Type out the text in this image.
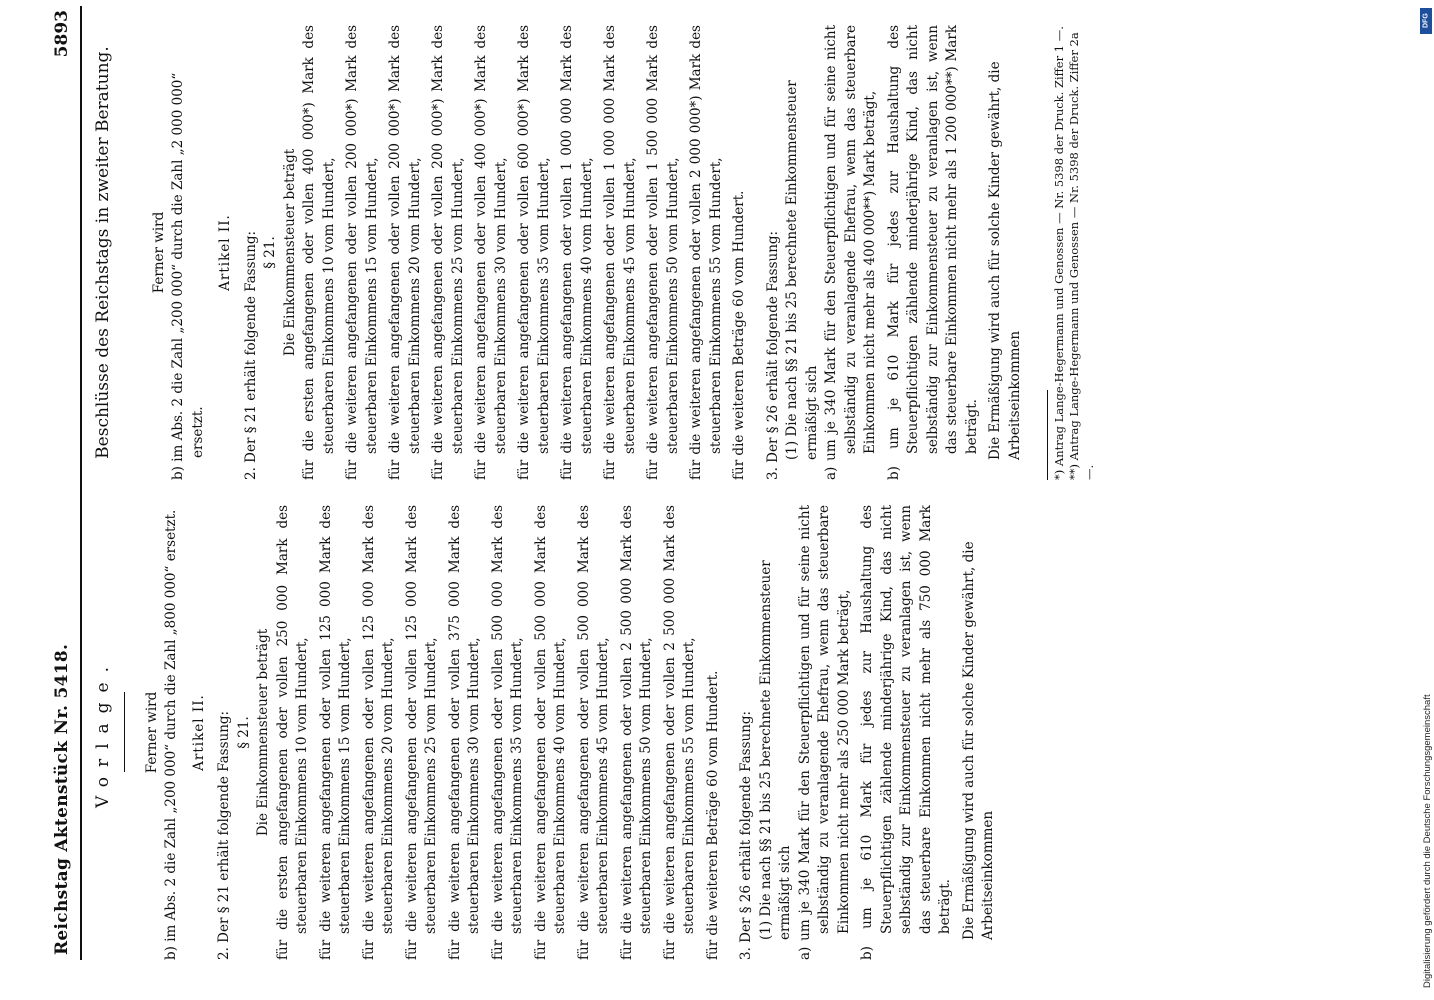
Reichstag Aktenstück Nr. 5418.
5893
Vorlage. Ferner wird b) im Abs. 2 die Zahl „200 000“ durch die Zahl „800 000“ ersetzt. Artikel II. 2. Der § 21 erhält folgende Fassung: § 21. Die Einkommensteuer beträgt für die ersten angefangenen oder vollen 250 000 Mark des steuerbaren Einkommens 10 vom Hundert, für die weiteren angefangenen oder vollen 125 000 Mark des steuerbaren Einkommens 15 vom Hundert, für die weiteren angefangenen oder vollen 125 000 Mark des steuerbaren Einkommens 20 vom Hundert, für die weiteren angefangenen oder vollen 125 000 Mark des steuerbaren Einkommens 25 vom Hundert, für die weiteren angefangenen oder vollen 375 000 Mark des steuerbaren Einkommens 30 vom Hundert, für die weiteren angefangenen oder vollen 500 000 Mark des steuerbaren Einkommens 35 vom Hundert, für die weiteren angefangenen oder vollen 500 000 Mark des steuerbaren Einkommens 40 vom Hundert, für die weiteren angefangenen oder vollen 500 000 Mark des steuerbaren Einkommens 45 vom Hundert, für die weiteren angefangenen oder vollen 2 500 000 Mark des steuerbaren Einkommens 50 vom Hundert, für die weiteren angefangenen oder vollen 2 500 000 Mark des steuerbaren Einkommens 55 vom Hundert, für die weiteren Beträge 60 vom Hundert. 3. Der § 26 erhält folgende Fassung: (1) Die nach §§ 21 bis 25 berechnete Einkommensteuer ermäßigt sich a) um je 340 Mark für den Steuerpflichtigen und für seine nicht selbständig zu veranlagende Ehefrau, wenn das steuerbare Einkommen nicht mehr als 250 000 Mark beträgt, b) um je 610 Mark für jedes zur Haushaltung des Steuerpflichtigen zählende minderjährige Kind, das nicht selbständig zur Einkommensteuer zu veranlagen ist, wenn das steuerbare Einkommen nicht mehr als 750 000 Mark beträgt. Die Ermäßigung wird auch für solche Kinder gewährt, die Arbeitseinkommen

Beschlüsse des Reichstags in zweiter Beratung.	Ferner wird b) im Abs. 2 die Zahl „200 000“ durch die Zahl „2 000 000“ ersetzt.

Artikel II. 2. Der § 21 erhält folgende Fassung: § 21. Die Einkommensteuer beträgt für die ersten angefangenen oder vollen 400 000*) Mark des steuerbaren Einkommens 10 vom Hundert, für die weiteren angefangenen oder vollen 200 000*) Mark des steuerbaren Einkommens 15 vom Hundert, für die weiteren angefangenen oder vollen 200 000*) Mark des steuerbaren Einkommens 20 vom Hundert, für die weiteren angefangenen oder vollen 200 000*) Mark des steuerbaren Einkommens 25 vom Hundert, für die weiteren angefangenen oder vollen 400 000*) Mark des steuerbaren Einkommens 30 vom Hundert, für die weiteren angefangenen oder vollen 600 000*) Mark des steuerbaren Einkommens 35 vom Hundert, für die weiteren angefangenen oder vollen 1 000 000 Mark des steuerbaren Einkommens 40 vom Hundert, für die weiteren angefangenen oder vollen 1 000 000 Mark des steuerbaren Einkommens 45 vom Hundert, für die weiteren angefangenen oder vollen 1 500 000 Mark des steuerbaren Einkommens 50 vom Hundert, für die weiteren angefangenen oder vollen 2 000 000*) Mark des steuerbaren Einkommens 55 vom Hundert, für die weiteren Beträge 60 vom Hundert. 3. Der § 26 erhält folgende Fassung: (1) Die nach §§ 21 bis 25 berechnete Einkommensteuer ermäßigt sich a) um je 340 Mark für den Steuerpflichtigen und für seine nicht selbständig zu veranlagende Ehefrau, wenn das steuerbare Einkommen nicht mehr als 400 000**) Mark beträgt, b) um je 610 Mark für jedes zur Haushaltung des Steuerpflichtigen zählende minderjährige Kind, das nicht selbständig zur Einkommensteuer zu veranlagen ist, wenn das steuerbare Einkommen nicht mehr als 1 200 000**) Mark beträgt. Die Ermäßigung wird auch für solche Kinder gewährt, die Arbeitseinkommen	*) Antrag Lange-Hegermann und Genossen — Nr. 5398 der Druck. Ziffer 1 —. **) Antrag Lange-Hegermann und Genossen — Nr. 5398 der Druck. Ziffer 2a —.

DFG
Digitalisierung gefördert durch die Deutsche Forschungsgemeinschaft
